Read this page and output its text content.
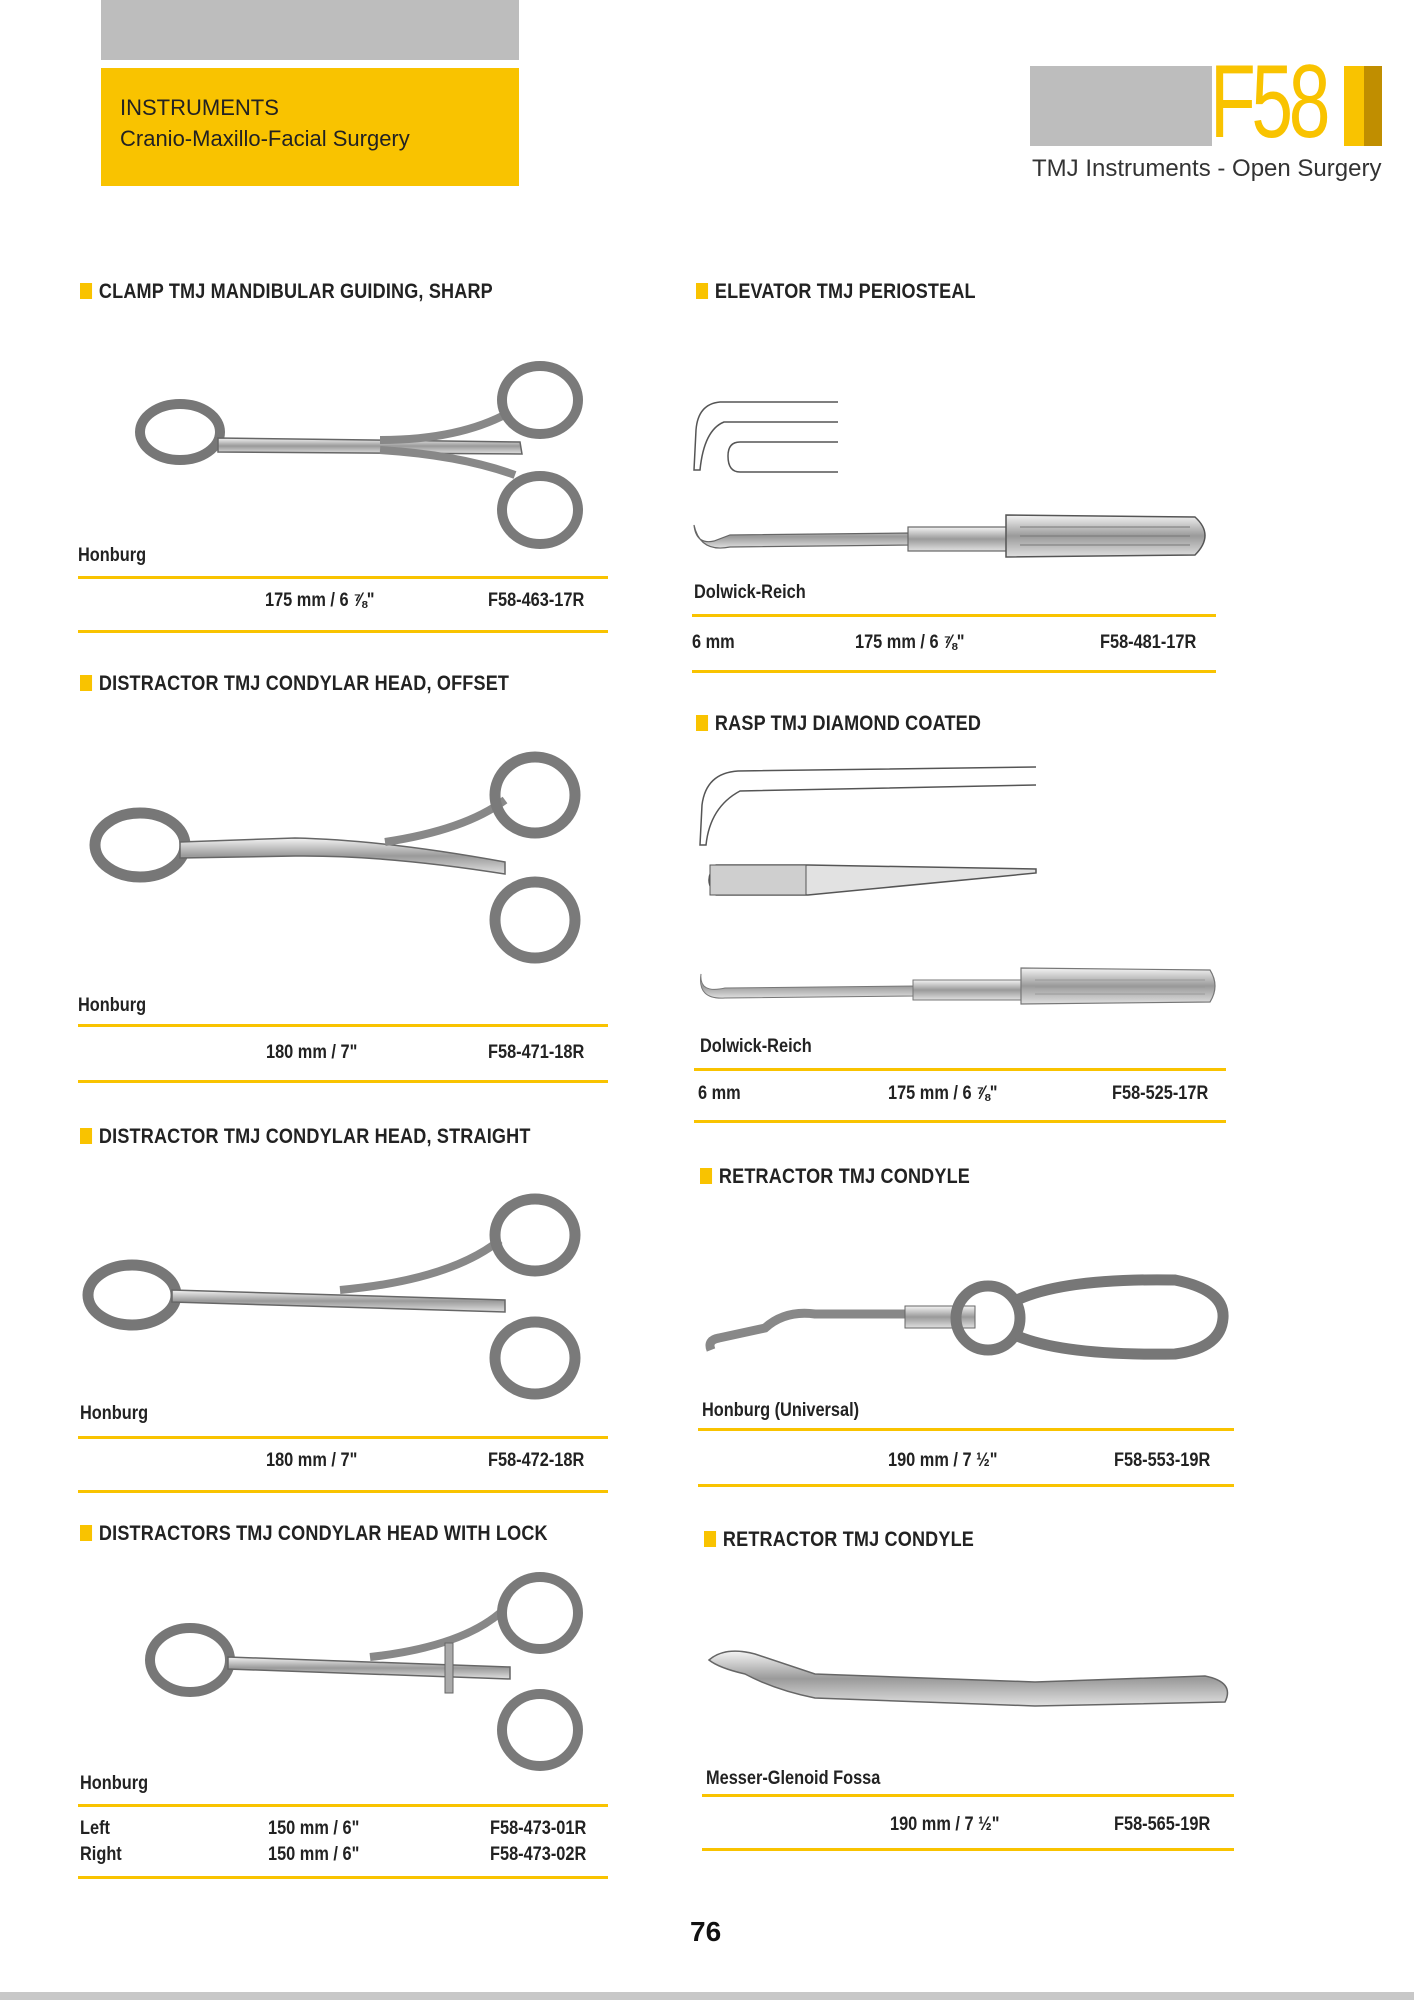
INSTRUMENTS
Cranio-Maxillo-Facial Surgery	F58
TMJ Instruments - Open Surgery
CLAMP TMJ MANDIBULAR GUIDING, SHARP
Honburg
175 mm / 6 ⅞"	F58-463-17R
DISTRACTOR TMJ CONDYLAR HEAD, OFFSET
Honburg
180 mm / 7"	F58-471-18R
DISTRACTOR TMJ CONDYLAR HEAD, STRAIGHT
Honburg
180 mm / 7"	F58-472-18R
DISTRACTORS TMJ CONDYLAR HEAD WITH LOCK
Honburg
Left	150 mm / 6"	F58-473-01R
Right	150 mm / 6"	F58-473-02R
ELEVATOR TMJ PERIOSTEAL
Dolwick-Reich
6 mm	175 mm / 6 ⅞"	F58-481-17R
RASP TMJ DIAMOND COATED
Dolwick-Reich
6 mm	175 mm / 6 ⅞"	F58-525-17R
RETRACTOR TMJ CONDYLE
Honburg (Universal)
190 mm / 7 ½"	F58-553-19R
RETRACTOR TMJ CONDYLE
Messer-Glenoid Fossa
190 mm / 7 ½"	F58-565-19R
76
